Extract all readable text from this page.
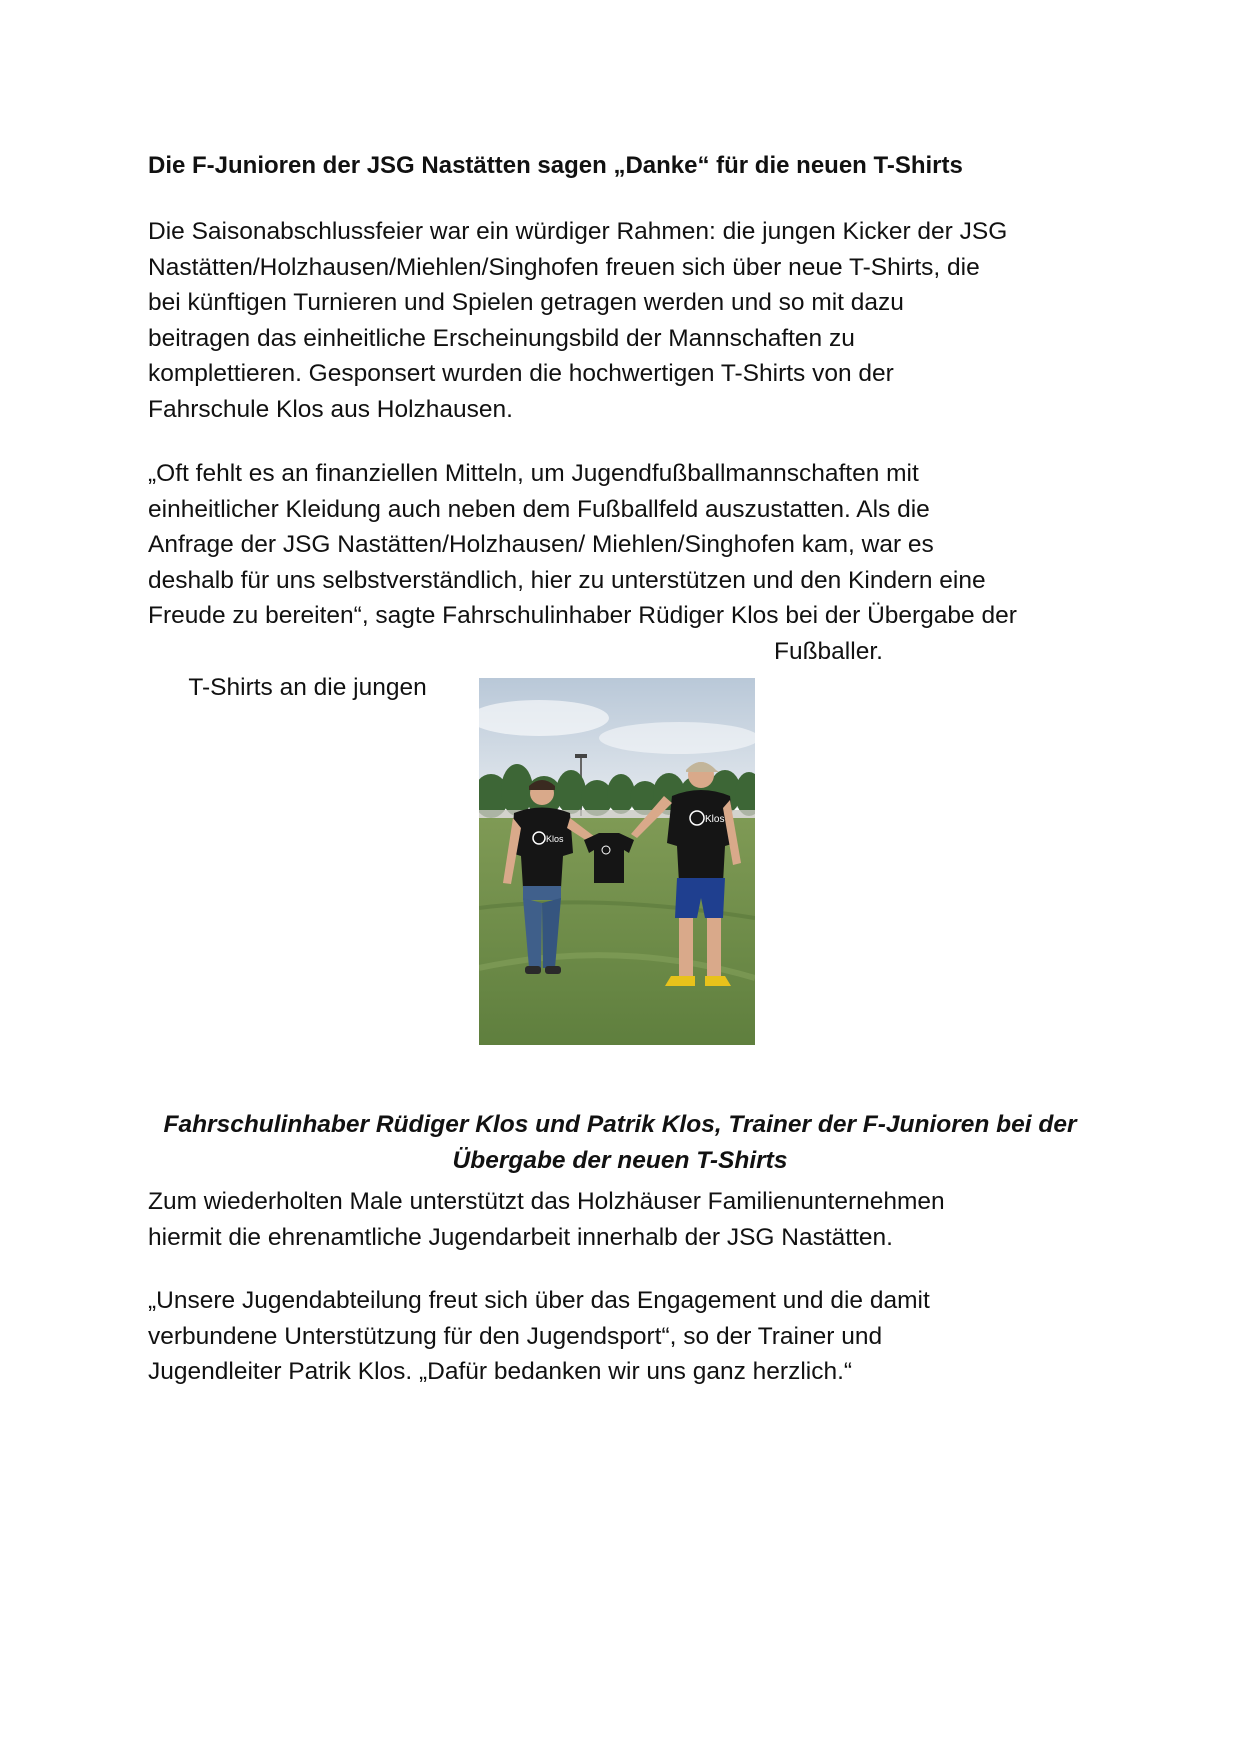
Die F-Junioren der JSG Nastätten sagen „Danke“ für die neuen T-Shirts

Die Saisonabschlussfeier war ein würdiger Rahmen: die jungen Kicker der JSG
Nastätten/Holzhausen/Miehlen/Singhofen freuen sich über neue T-Shirts, die
bei künftigen Turnieren und Spielen getragen werden und so mit dazu
beitragen das einheitliche Erscheinungsbild der Mannschaften zu
komplettieren. Gesponsert wurden die hochwertigen T-Shirts von der
Fahrschule Klos aus Holzhausen.

„Oft fehlt es an finanziellen Mitteln, um Jugendfußballmannschaften mit
einheitlicher Kleidung auch neben dem Fußballfeld auszustatten. Als die
Anfrage der JSG Nastätten/Holzhausen/ Miehlen/Singhofen kam, war es
deshalb für uns selbstverständlich, hier zu unterstützen und den Kindern eine
Freude zu bereiten“, sagte Fahrschulinhaber Rüdiger Klos bei der Übergabe der

T-Shirts an die jungen
Fußballer.

Klos
Klos

Fahrschulinhaber Rüdiger Klos und Patrik Klos, Trainer der F-Junioren bei der
Übergabe der neuen T-Shirts

Zum wiederholten Male unterstützt das Holzhäuser Familienunternehmen
hiermit die ehrenamtliche Jugendarbeit innerhalb der JSG Nastätten.

„Unsere Jugendabteilung freut sich über das Engagement und die damit
verbundene Unterstützung für den Jugendsport“, so der Trainer und
Jugendleiter Patrik Klos. „Dafür bedanken wir uns ganz herzlich.“
